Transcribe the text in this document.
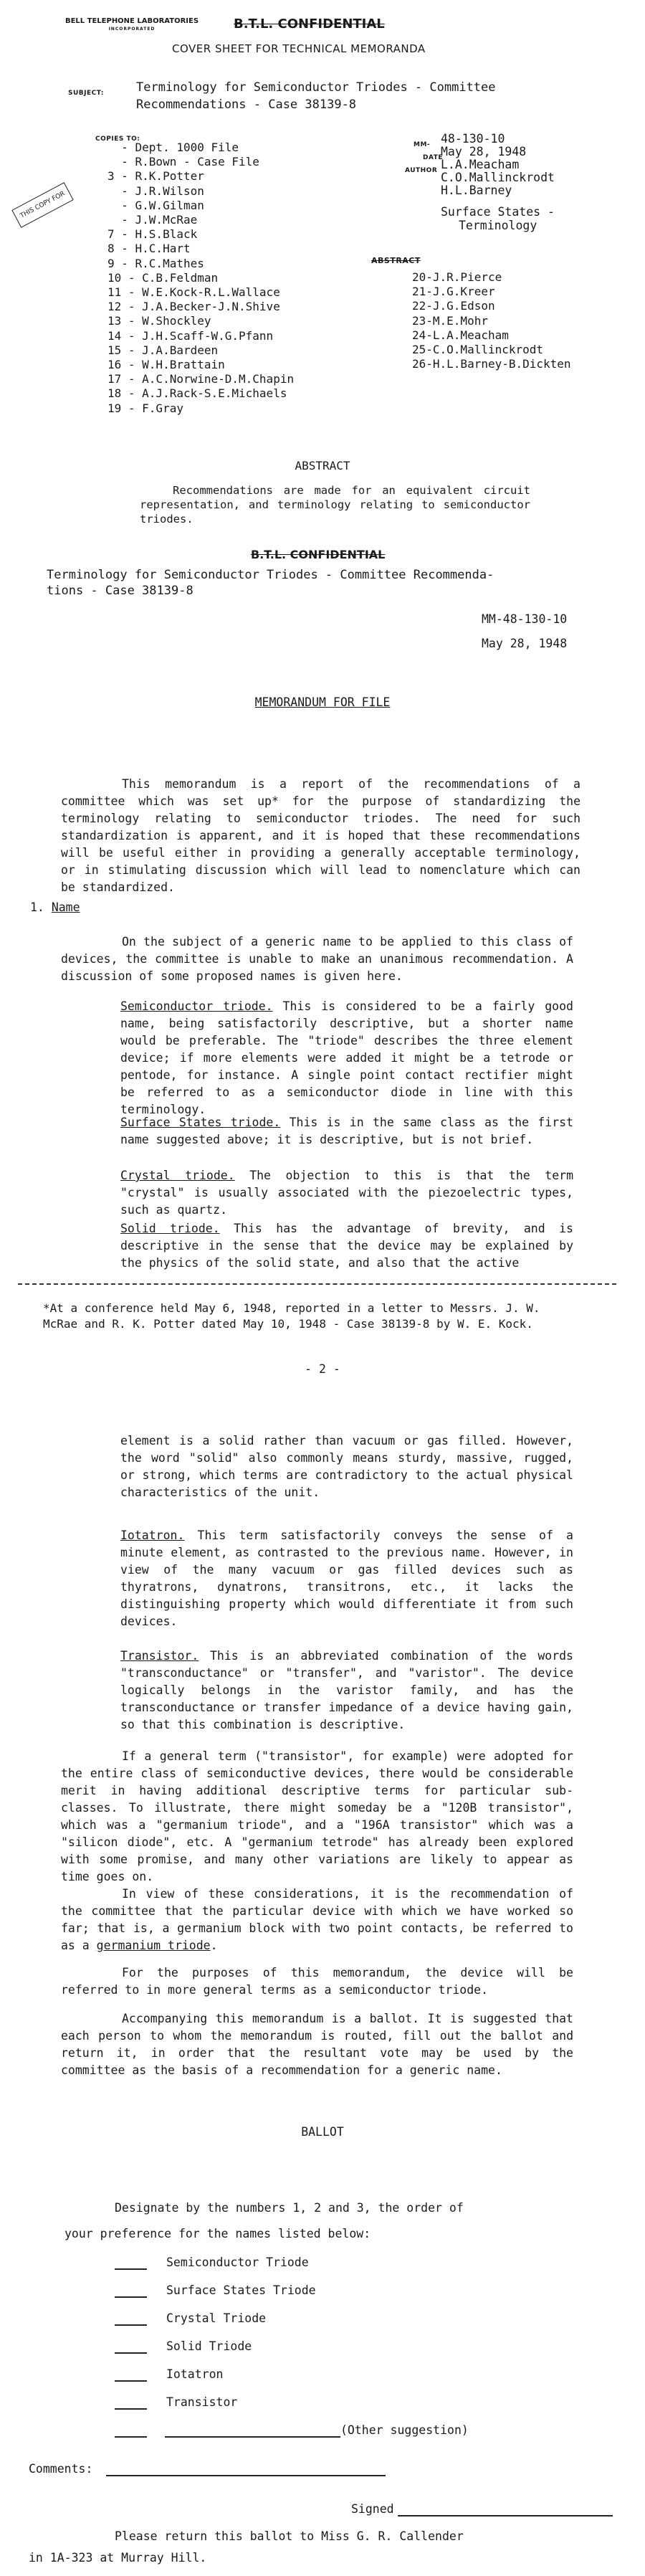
BELL TELEPHONE LABORATORIES
INCORPORATED	B.T.L. CONFIDENTIAL
COVER SHEET FOR TECHNICAL MEMORANDA
SUBJECT:	Terminology for Semiconductor Triodes - Committee
Recommendations - Case 38139-8
MM- 48-130-10
DATE
May 28, 1948
AUTHOR L.A.Meacham
C.O.Mallinckrodt
H.L.Barney
Surface States -
Terminology
ABSTRACT
COPIES TO:
THIS COPY FOR
- Dept. 1000 File
- R.Bown - Case File
3 - R.K.Potter
- J.R.Wilson
- G.W.Gilman
- J.W.McRae
7 - H.S.Black
8 - H.C.Hart
9 - R.C.Mathes
10 - C.B.Feldman
11 - W.E.Kock-R.L.Wallace
12 - J.A.Becker-J.N.Shive
13 - W.Shockley
14 - J.H.Scaff-W.G.Pfann
15 - J.A.Bardeen
16 - W.H.Brattain
17 - A.C.Norwine-D.M.Chapin
18 - A.J.Rack-S.E.Michaels
19 - F.Gray
20-J.R.Pierce
21-J.G.Kreer
22-J.G.Edson
23-M.E.Mohr
24-L.A.Meacham
25-C.O.Mallinckrodt
26-H.L.Barney-B.Dickten
ABSTRACT

Recommendations are made for an equivalent circuit representation, and terminology relating to semiconductor triodes.

B.T.L. CONFIDENTIAL
Terminology for Semiconductor Triodes - Committee Recommenda-
tions - Case 38139-8
MM-48-130-10
May 28, 1948
MEMORANDUM FOR FILE

This memorandum is a report of the recommendations of a committee which was set up* for the purpose of standardizing the terminology relating to semiconductor triodes. The need for such standardization is apparent, and it is hoped that these recommendations will be useful either in providing a generally acceptable terminology, or in stimulating discussion which will lead to nomenclature which can be standardized.

1. Name

On the subject of a generic name to be applied to this class of devices, the committee is unable to make an unanimous recommendation. A discussion of some proposed names is given here.

Semiconductor triode. This is considered to be a fairly good name, being satisfactorily descriptive, but a shorter name would be preferable. The "triode" describes the three element device; if more elements were added it might be a tetrode or pentode, for instance. A single point contact rectifier might be referred to as a semiconductor diode in line with this terminology.

Surface States triode. This is in the same class as the first name suggested above; it is descriptive, but is not brief.

Crystal triode. The objection to this is that the term "crystal" is usually associated with the piezoelectric types, such as quartz.

Solid triode. This has the advantage of brevity, and is descriptive in the sense that the device may be explained by the physics of the solid state, and also that the active

*At a conference held May 6, 1948, reported in a letter to Messrs. J. W. McRae and R. K. Potter dated May 10, 1948 - Case 38139-8 by W. E. Kock.

- 2 -

element is a solid rather than vacuum or gas filled. However, the word "solid" also commonly means sturdy, massive, rugged, or strong, which terms are contradictory to the actual physical characteristics of the unit.

Iotatron. This term satisfactorily conveys the sense of a minute element, as contrasted to the previous name. However, in view of the many vacuum or gas filled devices such as thyratrons, dynatrons, transitrons, etc., it lacks the distinguishing property which would differentiate it from such devices.

Transistor. This is an abbreviated combination of the words "transconductance" or "transfer", and "varistor". The device logically belongs in the varistor family, and has the transconductance or transfer impedance of a device having gain, so that this combination is descriptive.

If a general term ("transistor", for example) were adopted for the entire class of semiconductive devices, there would be considerable merit in having additional descriptive terms for particular sub-classes. To illustrate, there might someday be a "120B transistor", which was a "germanium triode", and a "196A transistor" which was a "silicon diode", etc. A "germanium tetrode" has already been explored with some promise, and many other variations are likely to appear as time goes on.

In view of these considerations, it is the recommendation of the committee that the particular device with which we have worked so far; that is, a germanium block with two point contacts, be referred to as a germanium triode.

For the purposes of this memorandum, the device will be referred to in more general terms as a semiconductor triode.

Accompanying this memorandum is a ballot. It is suggested that each person to whom the memorandum is routed, fill out the ballot and return it, in order that the resultant vote may be used by the committee as the basis of a recommendation for a generic name.

BALLOT
Designate by the numbers 1, 2 and 3, the order of
your preference for the names listed below:
Semiconductor Triode
Surface States Triode
Crystal Triode
Solid Triode
Iotatron
Transistor
(Other suggestion)
Comments:
Signed
Please return this ballot to Miss G. R. Callender
in 1A-323 at Murray Hill.
